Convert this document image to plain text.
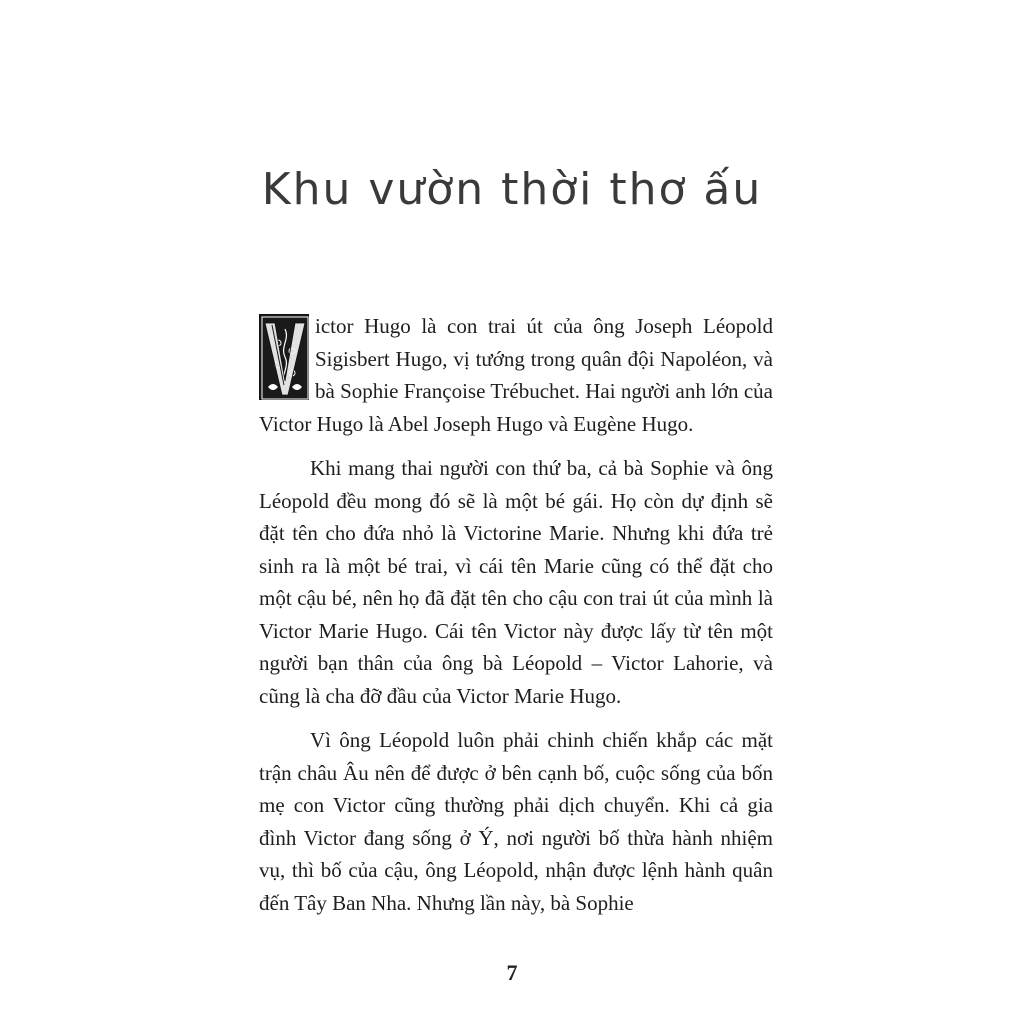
Khu vườn thời thơ ấu

ictor Hugo là con trai út của ông Joseph Léopold Sigisbert Hugo, vị tướng trong quân đội Napoléon, và bà Sophie Françoise Trébuchet. Hai người anh lớn của Victor Hugo là Abel Joseph Hugo và Eugène Hugo.

Khi mang thai người con thứ ba, cả bà Sophie và ông Léopold đều mong đó sẽ là một bé gái. Họ còn dự định sẽ đặt tên cho đứa nhỏ là Victorine Marie. Nhưng khi đứa trẻ sinh ra là một bé trai, vì cái tên Marie cũng có thể đặt cho một cậu bé, nên họ đã đặt tên cho cậu con trai út của mình là Victor Marie Hugo. Cái tên Victor này được lấy từ tên một người bạn thân của ông bà Léopold – Victor Lahorie, và cũng là cha đỡ đầu của Victor Marie Hugo.

Vì ông Léopold luôn phải chinh chiến khắp các mặt trận châu Âu nên để được ở bên cạnh bố, cuộc sống của bốn mẹ con Victor cũng thường phải dịch chuyển. Khi cả gia đình Victor đang sống ở Ý, nơi người bố thừa hành nhiệm vụ, thì bố của cậu, ông Léopold, nhận được lệnh hành quân đến Tây Ban Nha. Nhưng lần này, bà Sophie

7
